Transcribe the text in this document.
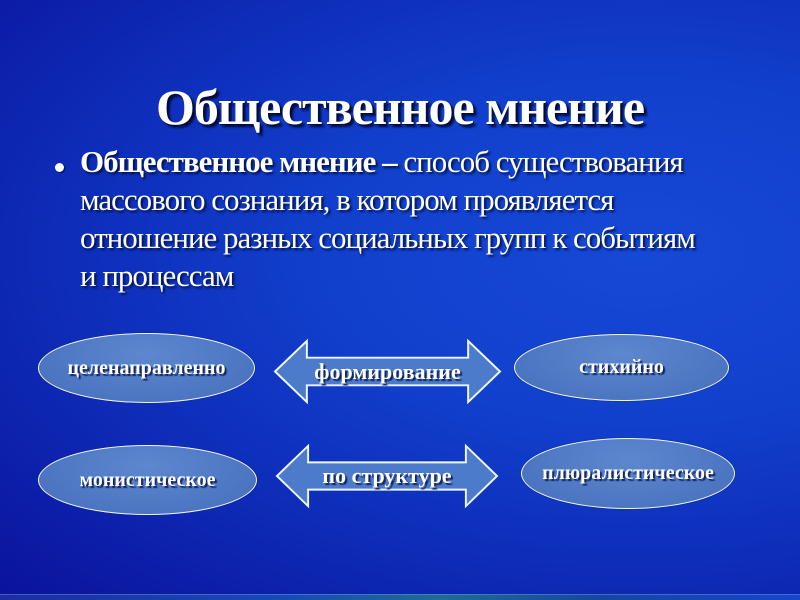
Общественное мнение
Общественное мнение – способ существования
массового сознания, в котором проявляется
отношение разных социальных групп к событиям
и процессам
целенаправленно	формирование	стихийно
монистическое	по структуре	плюралистическое
